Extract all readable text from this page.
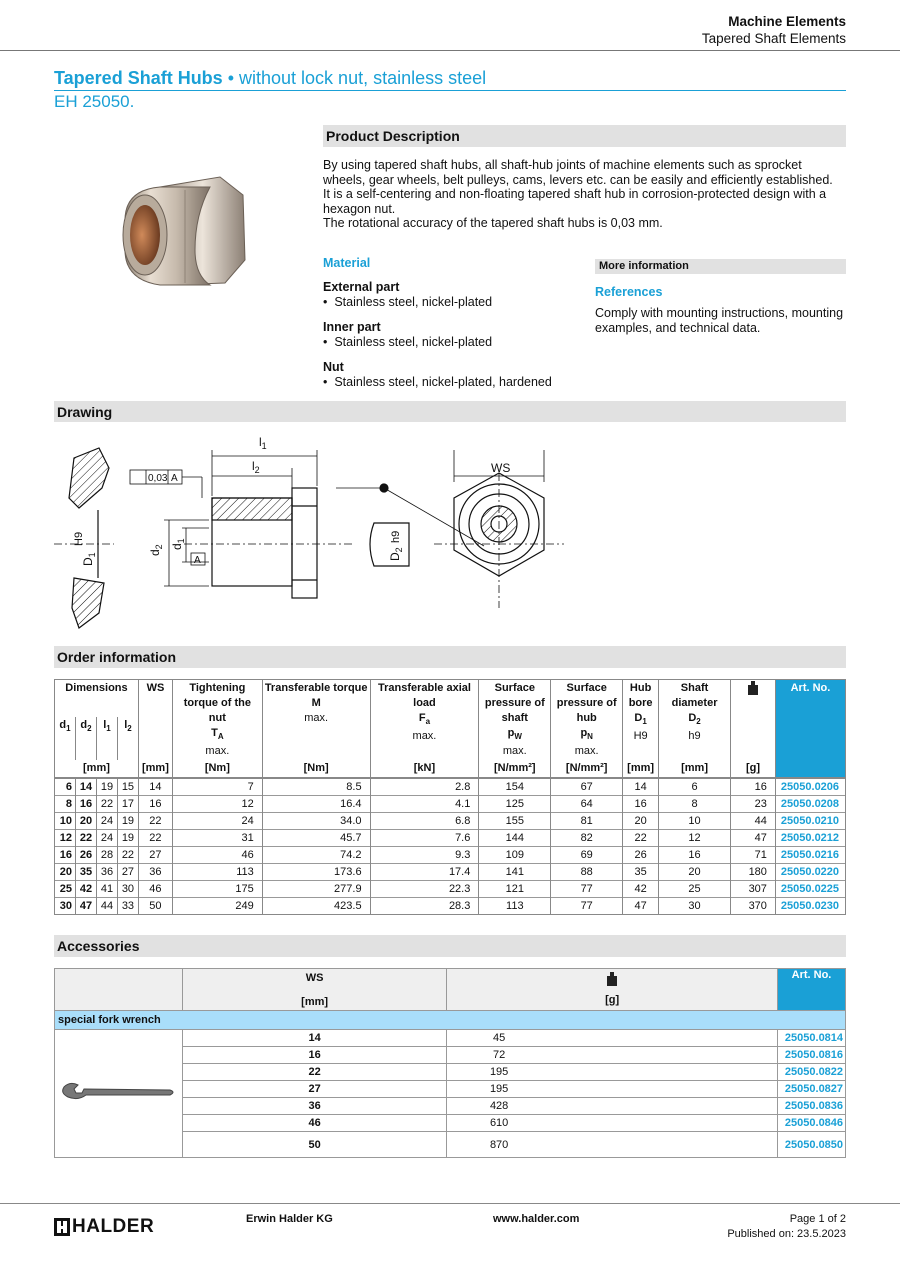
Machine Elements
Tapered Shaft Elements
Tapered Shaft Hubs • without lock nut, stainless steel
EH 25050.
Product Description
By using tapered shaft hubs, all shaft-hub joints of machine elements such as sprocket wheels, gear wheels, belt pulleys, cams, levers etc. can be easily and efficiently established.
It is a self-centering and non-floating tapered shaft hub in corrosion-protected design with a hexagon nut.
The rotational accuracy of the tapered shaft hubs is 0,03 mm.
Material
External part
• Stainless steel, nickel-plated
Inner part
• Stainless steel, nickel-plated
Nut
• Stainless steel, nickel-plated, hardened
More information
References
Comply with mounting instructions, mounting examples, and technical data.
Drawing
$l_1$
$l_2$	WS
0,03 A
A
$d_2$ $d_1$
$D_1$
H9
$D_2$
h9
Order information
Dimensions				WS	Tightening torque of the nut
$T_A$
max.	Transferable torque
M
max.	Transferable axial load
$F_a$
max.	Surface pressure of shaft
$p_W$
max.	Surface pressure of hub
$p_N$
max.	Hub bore
$D_1$
H9	Shaft diameter
$D_2$
h9		Art. No.
$d_1$	$d_2$	$l_1$	$l_2$
[mm]				[mm]	[Nm]	[Nm]	[kN]	[N/mm²]	[N/mm²]	[mm]	[mm]	[g]	
6	14	19	15	14	7	8.5	2.8	154	67	14	6	16	25050.0206
8	16	22	17	16	12	16.4	4.1	125	64	16	8	23	25050.0208
10	20	24	19	22	24	34.0	6.8	155	81	20	10	44	25050.0210
12	22	24	19	22	31	45.7	7.6	144	82	22	12	47	25050.0212
16	26	28	22	27	46	74.2	9.3	109	69	26	16	71	25050.0216
20	35	36	27	36	113	173.6	17.4	141	88	35	20	180	25050.0220
25	42	41	30	46	175	277.9	22.3	121	77	42	25	307	25050.0225
30	47	44	33	50	249	423.5	28.3	113	77	47	30	370	25050.0230
Accessories

	WS
[mm]	[g]	Art. No.
special fork wrench			
	14	45	25050.0814
	16	72	25050.0816
	22	195	25050.0822
	27	195	25050.0827
	36	428	25050.0836
	46	610	25050.0846
	50	870	25050.0850
HALDER	Erwin Halder KG	www.halder.com	Page 1 of 2
Published on: 23.5.2023
